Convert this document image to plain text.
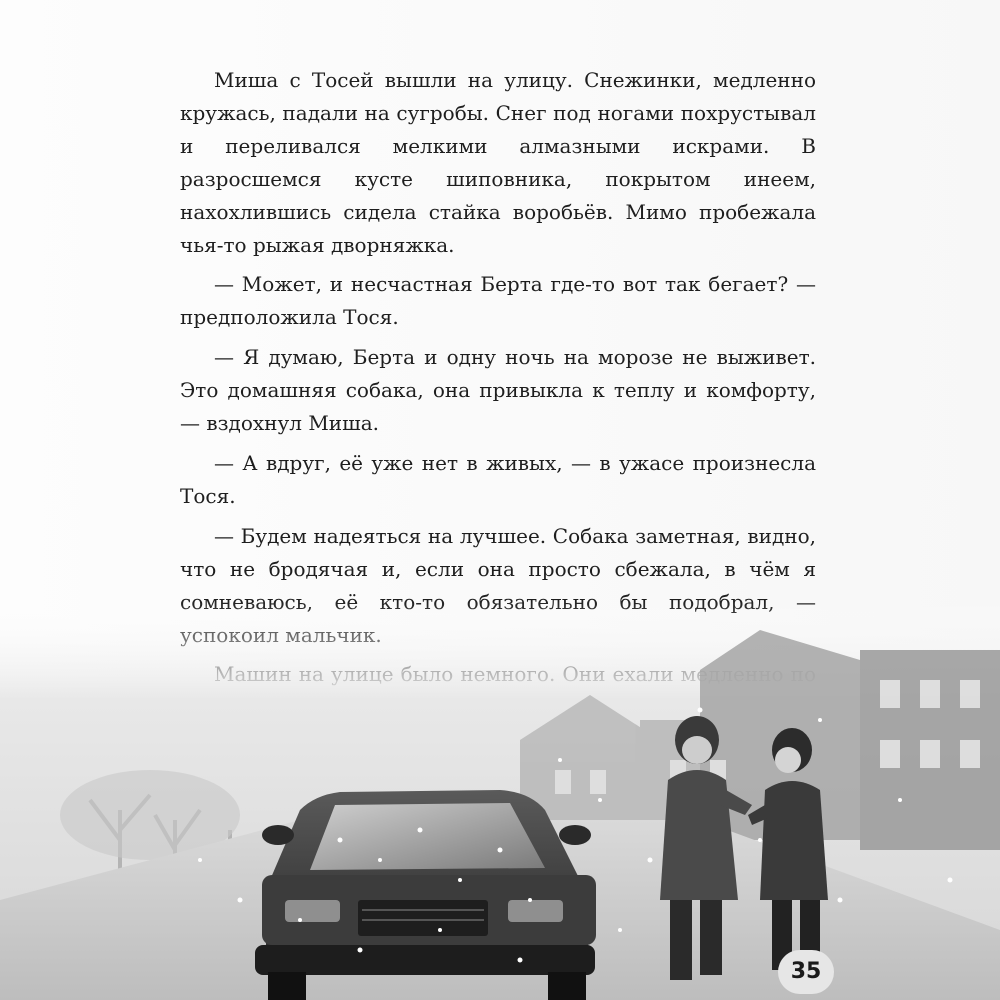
Миша с Тосей вышли на улицу. Снежинки, медленно кружась, падали на сугробы. Снег под ногами похрустывал и переливался мелкими алмазными искрами. В разросшемся кусте шиповника, покрытом инеем, нахохлившись сидела стайка воробьёв. Мимо пробежала чья-то рыжая дворняжка.

— Может, и несчастная Берта где-то вот так бегает? — предположила Тося.

— Я думаю, Берта и одну ночь на морозе не выживет. Это домашняя собака, она привыкла к теплу и комфорту, — вздохнул Миша.

— А вдруг, её уже нет в живых, — в ужасе произнесла Тося.

— Будем надеяться на лучшее. Собака заметная, видно, что не бродячая и, если она просто сбежала, в чём я

35
